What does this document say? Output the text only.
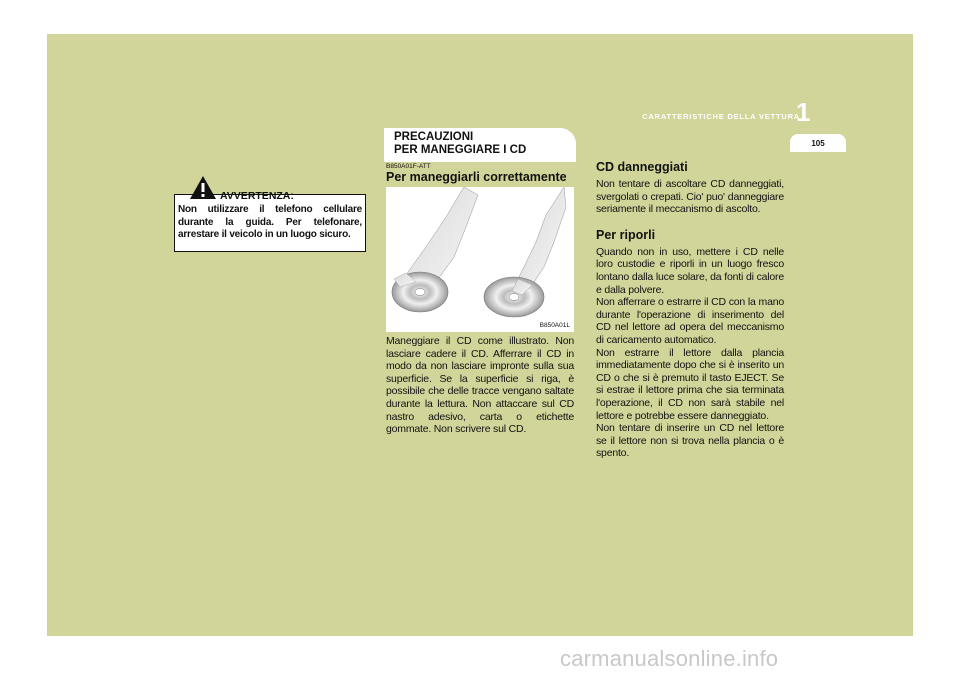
CARATTERISTICHE DELLA VETTURA
1
105
AVVERTENZA:
Non utilizzare il telefono cellulare durante la guida. Per telefonare, arrestare il veicolo in un luogo sicuro.
PRECAUZIONI
PER MANEGGIARE I CD
B850A01F-ATT
Per maneggiarli correttamente
B850A01L
Maneggiare il CD come illustrato. Non lasciare cadere il CD. Afferrare il CD in modo da non lasciare impronte sulla sua superficie. Se la superficie si riga, è possibile che delle tracce vengano saltate durante la lettura. Non attaccare sul CD nastro adesivo, carta o etichette gommate. Non scrivere sul CD.
CD danneggiati

Non tentare di ascoltare CD danneggiati, svergolati o crepati. Cio' puo' danneggiare seriamente il meccanismo di ascolto.

Per riporli

Quando non in uso, mettere i CD nelle loro custodie e riporli in un luogo fresco lontano dalla luce solare, da fonti di calore e dalla polvere.

Non afferrare o estrarre il CD con la mano durante l'operazione di inserimento del CD nel lettore ad opera del meccanismo di caricamento automatico.

Non estrarre il lettore dalla plancia immediatamente dopo che si è inserito un CD o che si è premuto il tasto EJECT. Se si estrae il lettore prima che sia terminata l'operazione, il CD non sarà stabile nel lettore e potrebbe essere danneggiato.

Non tentare di inserire un CD nel lettore se il lettore non si trova nella plancia o è spento.

carmanualsonline.info
